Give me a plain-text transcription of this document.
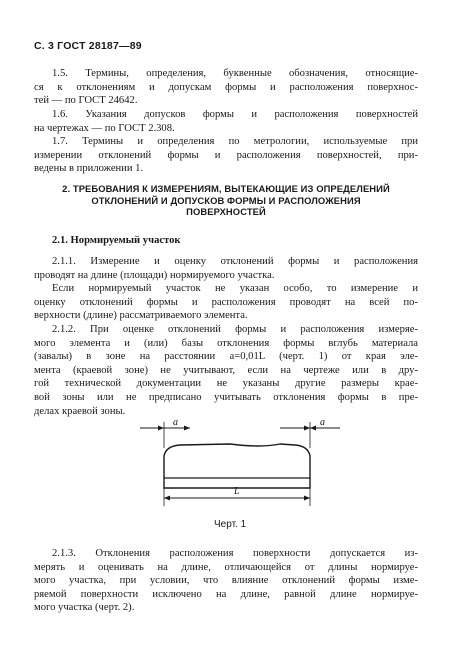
С. 3 ГОСТ 28187—89
1.5. Термины, определения, буквенные обозначения, относящие-
ся к отклонениям и допускам формы и расположения поверхнос-
тей — по ГОСТ 24642.
1.6. Указания допусков формы и расположения поверхностей
на чертежах — по ГОСТ 2.308.
1.7. Термины и определения по метрологии, используемые при
измерении отклонений формы и расположения поверхностей, при-
ведены в приложении 1.
2. ТРЕБОВАНИЯ К ИЗМЕРЕНИЯМ, ВЫТЕКАЮЩИЕ ИЗ ОПРЕДЕЛЕНИЙ
ОТКЛОНЕНИЙ И ДОПУСКОВ ФОРМЫ И РАСПОЛОЖЕНИЯ
ПОВЕРХНОСТЕЙ
2.1. Нормируемый участок
2.1.1. Измерение и оценку отклонений формы и расположения
проводят на длине (площади) нормируемого участка.
Если нормируемый участок не указан особо, то измерение и
оценку отклонений формы и расположения проводят на всей по-
верхности (длине) рассматриваемого элемента.
2.1.2. При оценке отклонений формы и расположения измеряе-
мого элемента и (или) базы отклонения формы вглубь материала
(завалы) в зоне на расстоянии a=0,01L (черт. 1) от края эле-
мента (краевой зоне) не учитывают, если на чертеже или в дру-
гой технической документации не указаны другие размеры крае-
вой зоны или не предписано учитывать отклонения формы в пре-
делах краевой зоны.
a	a
L
Черт. 1
2.1.3. Отклонения расположения поверхности допускается из-
мерять и оценивать на длине, отличающейся от длины нормируе-
мого участка, при условии, что влияние отклонений формы изме-
ряемой поверхности исключено на длине, равной длине нормируе-
мого участка (черт. 2).
